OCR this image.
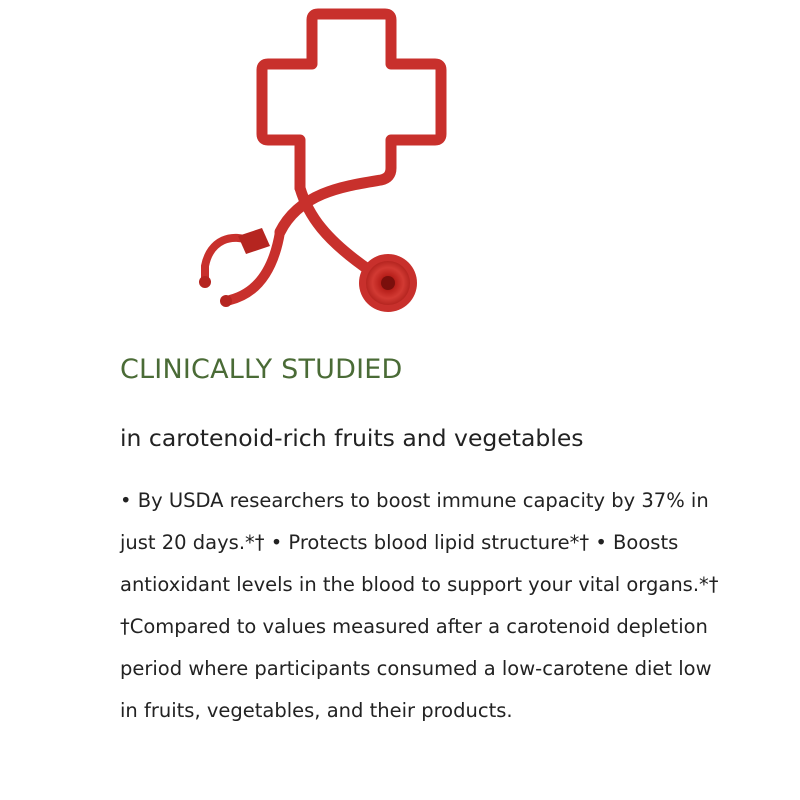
CLINICALLY STUDIED
in carotenoid-rich fruits and vegetables

• By USDA researchers to boost immune capacity by 37% in just 20 days.*† • Protects blood lipid structure*† • Boosts antioxidant levels in the blood to support your vital organs.*† †Compared to values measured after a carotenoid depletion period where participants consumed a low-carotene diet low in fruits, vegetables, and their products.
